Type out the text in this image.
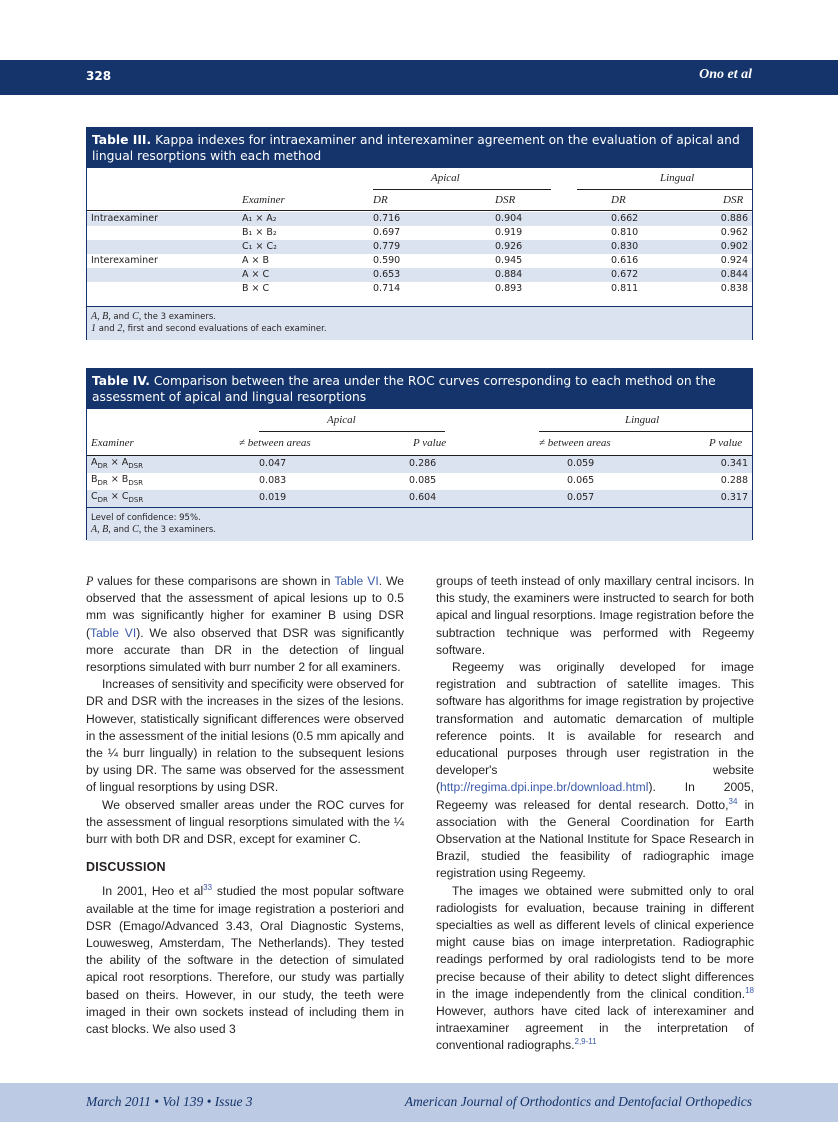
328	Ono et al
Table III. Kappa indexes for intraexaminer and interexaminer agreement on the evaluation of apical and lingual resorptions with each method
Apical	Lingual
Examiner	DR	DSR	DR	DSR
Intraexaminer	A₁ × A₂	0.716	0.904	0.662	0.886
	B₁ × B₂	0.697	0.919	0.810	0.962
	C₁ × C₂	0.779	0.926	0.830	0.902
Interexaminer	A × B	0.590	0.945	0.616	0.924
	A × C	0.653	0.884	0.672	0.844
	B × C	0.714	0.893	0.811	0.838
A, B, and C, the 3 examiners.
1 and 2, first and second evaluations of each examiner.
Table IV. Comparison between the area under the ROC curves corresponding to each method on the assessment of apical and lingual resorptions
Apical	Lingual
Examiner	≠ between areas	P value	≠ between areas	P value
$A_{DR} \times A_{DSR}$	0.047	0.286	0.059	0.341
$B_{DR} \times B_{DSR}$	0.083	0.085	0.065	0.288
$C_{DR} \times C_{DSR}$	0.019	0.604	0.057	0.317
Level of confidence: 95%.
A, B, and C, the 3 examiners.

P values for these comparisons are shown in Table VI. We observed that the assessment of apical lesions up to 0.5 mm was significantly higher for examiner B using DSR (Table VI). We also observed that DSR was significantly more accurate than DR in the detection of lingual resorptions simulated with burr number 2 for all examiners.

Increases of sensitivity and specificity were observed for DR and DSR with the increases in the sizes of the lesions. However, statistically significant differences were observed in the assessment of the initial lesions (0.5 mm apically and the ¼ burr lingually) in relation to the subsequent lesions by using DR. The same was observed for the assessment of lingual resorptions by using DSR.

We observed smaller areas under the ROC curves for the assessment of lingual resorptions simulated with the ¼ burr with both DR and DSR, except for examiner C.

DISCUSSION

In 2001, Heo et al$^{33}$ studied the most popular software available at the time for image registration a posteriori and DSR (Emago/Advanced 3.43, Oral Diagnostic Systems, Louwesweg, Amsterdam, The Netherlands). They tested the ability of the software in the detection of simulated apical root resorptions. Therefore, our study was partially based on theirs. However, in our study, the teeth were imaged in their own sockets instead of including them in cast blocks. We also used 3

groups of teeth instead of only maxillary central incisors. In this study, the examiners were instructed to search for both apical and lingual resorptions. Image registration before the subtraction technique was performed with Regeemy software.

Regeemy was originally developed for image registration and subtraction of satellite images. This software has algorithms for image registration by projective transformation and automatic demarcation of multiple reference points. It is available for research and educational purposes through user registration in the developer's website (http://regima.dpi.inpe.br/download.html). In 2005, Regeemy was released for dental research. Dotto,$^{34}$ in association with the General Coordination for Earth Observation at the National Institute for Space Research in Brazil, studied the feasibility of radiographic image registration using Regeemy.

The images we obtained were submitted only to oral radiologists for evaluation, because training in different specialties as well as different levels of clinical experience might cause bias on image interpretation. Radiographic readings performed by oral radiologists tend to be more precise because of their ability to detect slight differences in the image independently from the clinical condition.$^{18}$ However, authors have cited lack of interexaminer and intraexaminer agreement in the interpretation of conventional radiographs.$^{2,9-11}$

March 2011 • Vol 139 • Issue 3	American Journal of Orthodontics and Dentofacial Orthopedics
